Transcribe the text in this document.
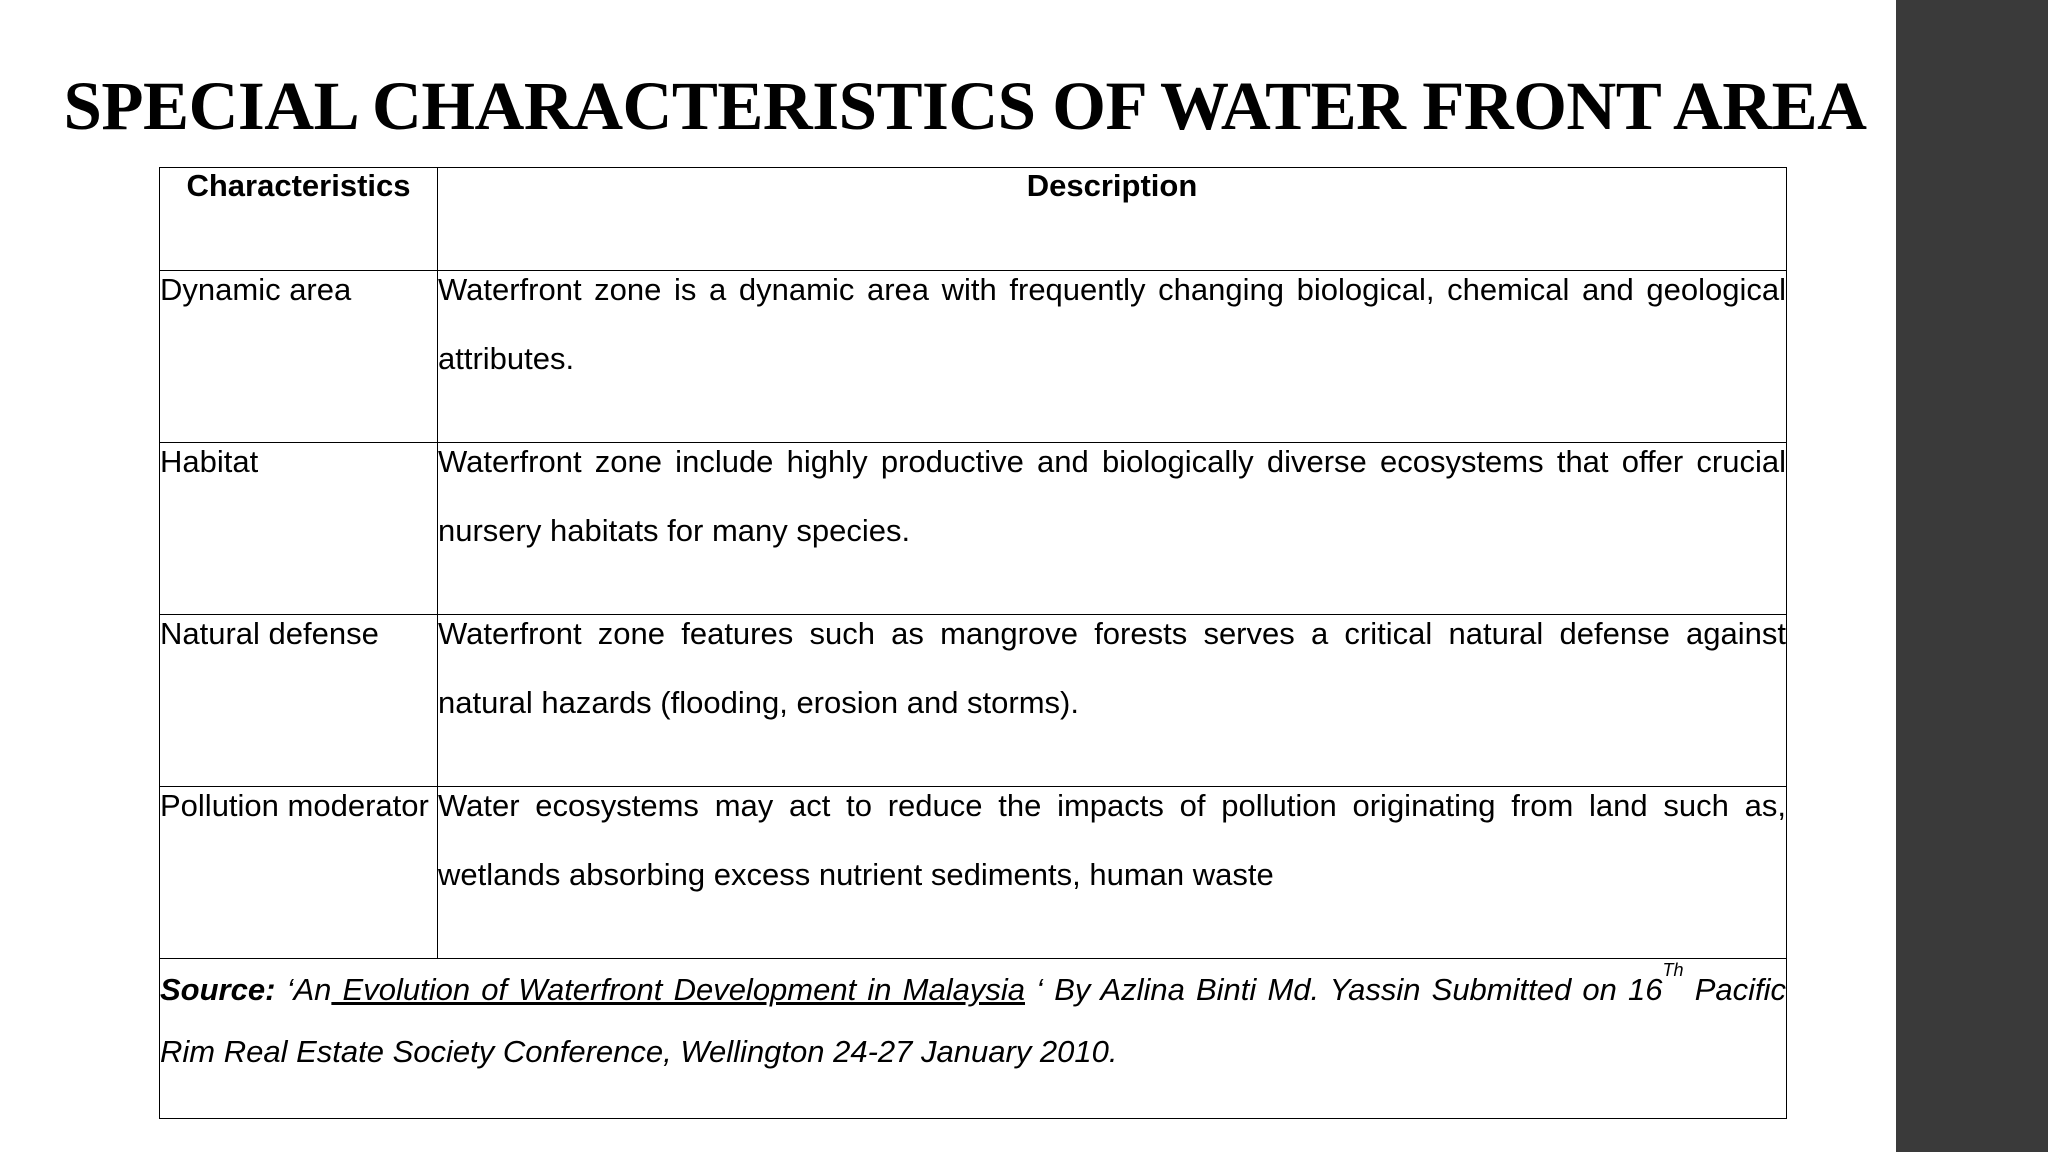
SPECIAL CHARACTERISTICS OF WATER FRONT AREA
Characteristics	Description

Dynamic area	Waterfront zone is a dynamic area with frequently changing biological, chemical and geological attributes.

Habitat	Waterfront zone include highly productive and biologically diverse ecosystems that offer crucial nursery habitats for many species.

Natural defense	Waterfront zone features such as mangrove forests serves a critical natural defense against natural hazards (flooding, erosion and storms).

Pollution moderator	Water ecosystems may act to reduce the impacts of pollution originating from land such as, wetlands absorbing excess nutrient sediments, human waste

Source: ‘An Evolution of Waterfront Development in Malaysia ‘ By Azlina Binti Md. Yassin Submitted on 16Th Pacific Rim Real Estate Society Conference, Wellington 24-27 January 2010.	
